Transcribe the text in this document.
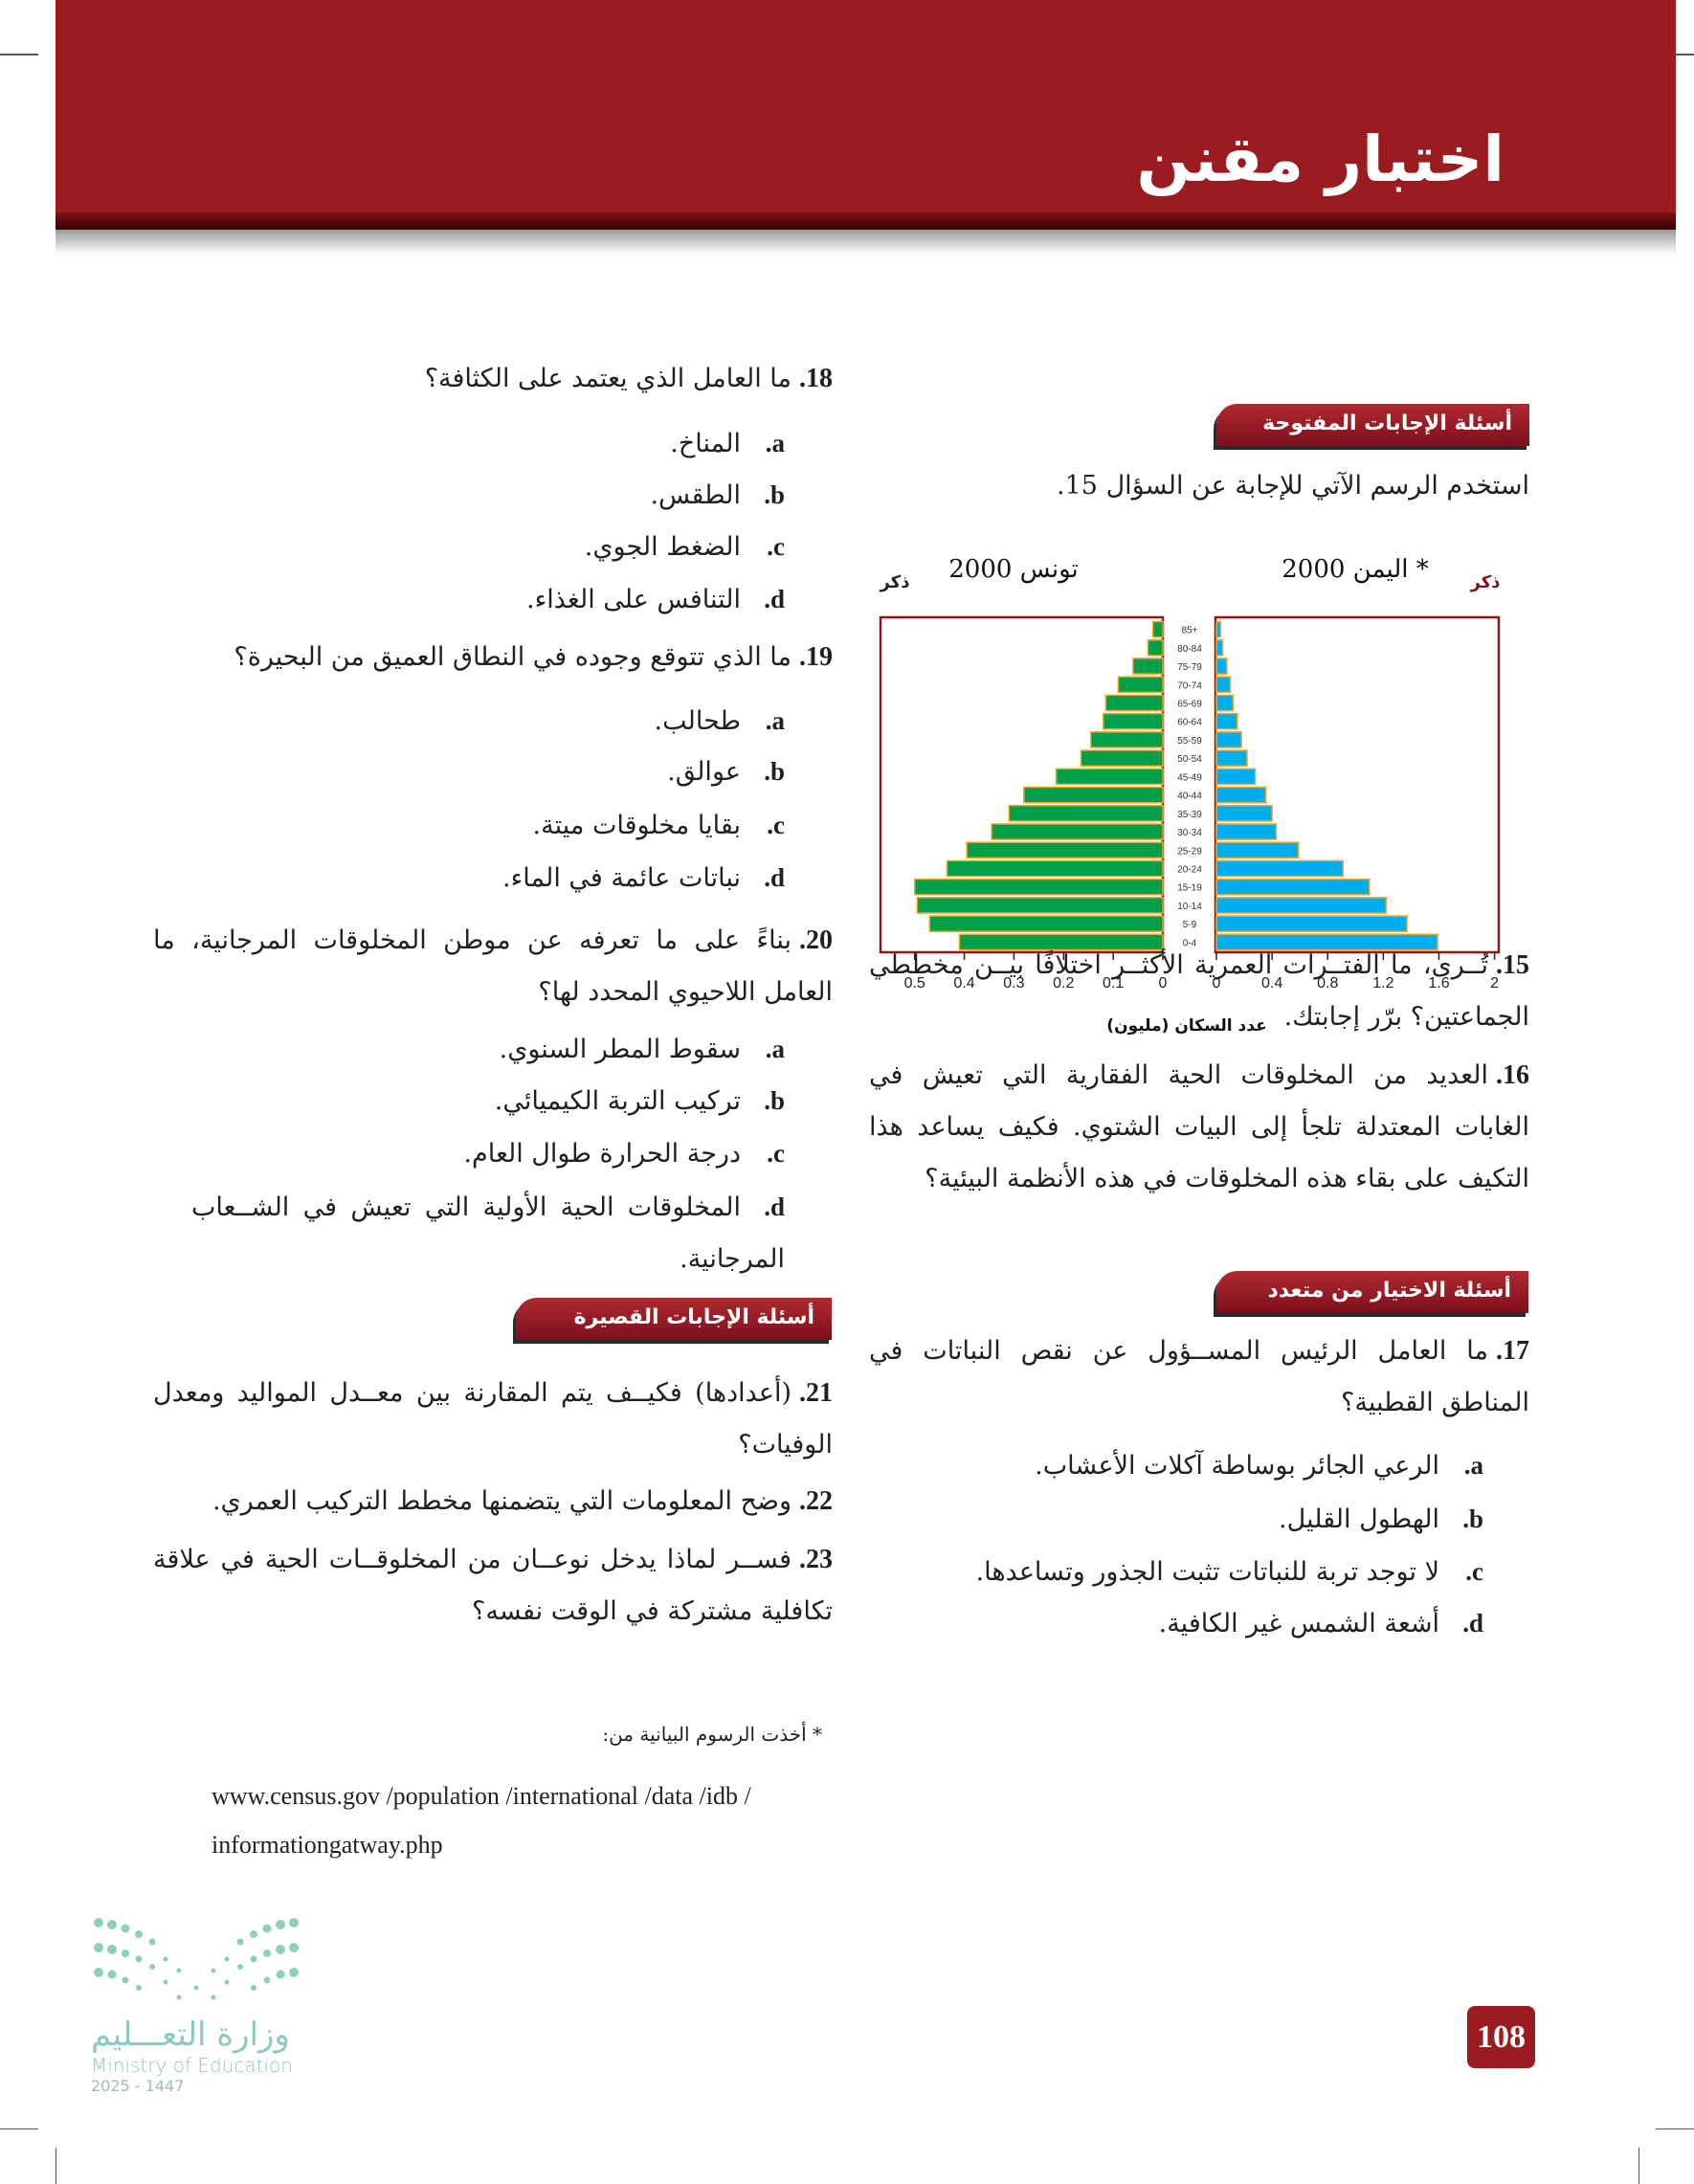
اختبار مقنن
أسئلة الإجابات المفتوحة
استخدم الرسم الآتي للإجابة عن السؤال 15.
0.5 0.4 0.3 0.2 0.1 0
تونس 2000
ذكر
0	0.4 0.8 1.2 1.6	2
* اليمن 2000 ذكر
85+
80-84
75-79
70-74
65-69
60-64
55-59
50-54
45-49
40-44
35-39
30-34
25-29
20-24
15-19
10-14
5-9
0-4
عدد السكان (مليون)
15.تُــرى، ما الفتــرات العمرية الأكثــر اختلافًا بيــن مخططي الجماعتين؟ برّر إجابتك.
16.العديد من المخلوقات الحية الفقارية التي تعيش في الغابات المعتدلة تلجأ إلى البيات الشتوي. فكيف يساعد هذا التكيف على بقاء هذه المخلوقات في هذه الأنظمة البيئية؟
أسئلة الاختيار من متعدد
17.ما العامل الرئيس المســؤول عن نقص النباتات في المناطق القطبية؟
a.الرعي الجائر بوساطة آكلات الأعشاب.
b.الهطول القليل.
c.لا توجد تربة للنباتات تثبت الجذور وتساعدها.
d.أشعة الشمس غير الكافية.
18.ما العامل الذي يعتمد على الكثافة؟
a.المناخ.
b.الطقس.
c.الضغط الجوي.
d.التنافس على الغذاء.
19.ما الذي تتوقع وجوده في النطاق العميق من البحيرة؟
a.طحالب.
b.عوالق.
c.بقايا مخلوقات ميتة.
d.نباتات عائمة في الماء.
20.بناءً على ما تعرفه عن موطن المخلوقات المرجانية، ما العامل اللاحيوي المحدد لها؟
a.سقوط المطر السنوي.
b.تركيب التربة الكيميائي.
c.درجة الحرارة طوال العام.
d.المخلوقات الحية الأولية التي تعيش في الشــعاب المرجانية.
أسئلة الإجابات القصيرة
21.(أعدادها) فكيــف يتم المقارنة بين معــدل المواليد ومعدل الوفيات؟
22.وضح المعلومات التي يتضمنها مخطط التركيب العمري.
23.فســر لماذا يدخل نوعــان من المخلوقــات الحية في علاقة تكافلية مشتركة في الوقت نفسه؟
* أخذت الرسوم البيانية من:
www.census.gov /population /international /data /idb /
informationgatway.php
وزارة التعـــليم
Ministry of Education
2025 - 1447
108
